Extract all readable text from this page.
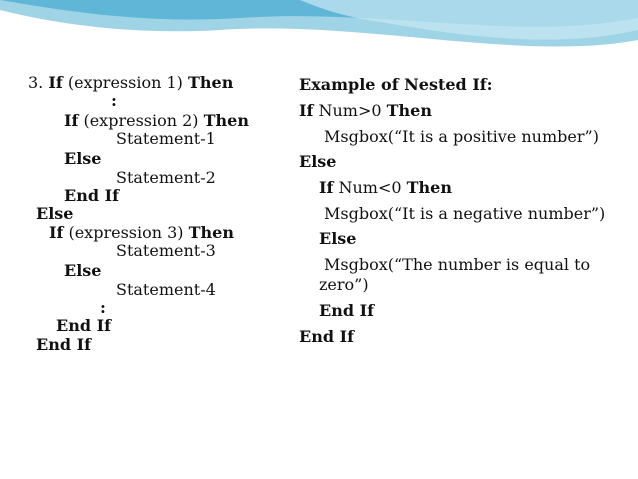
3. If (expression 1) Then
:
If (expression 2) Then
Statement-1
Else
Statement-2
End If
Else
If (expression 3) Then
Statement-3
Else
Statement-4
:
End If
End If
Example of Nested If:
If Num>0 Then
Msgbox(“It is a positive number”)
Else
If Num<0 Then
Msgbox(“It is a negative number”)
Else
Msgbox(“The number is equal to zero”)
End If
End If
